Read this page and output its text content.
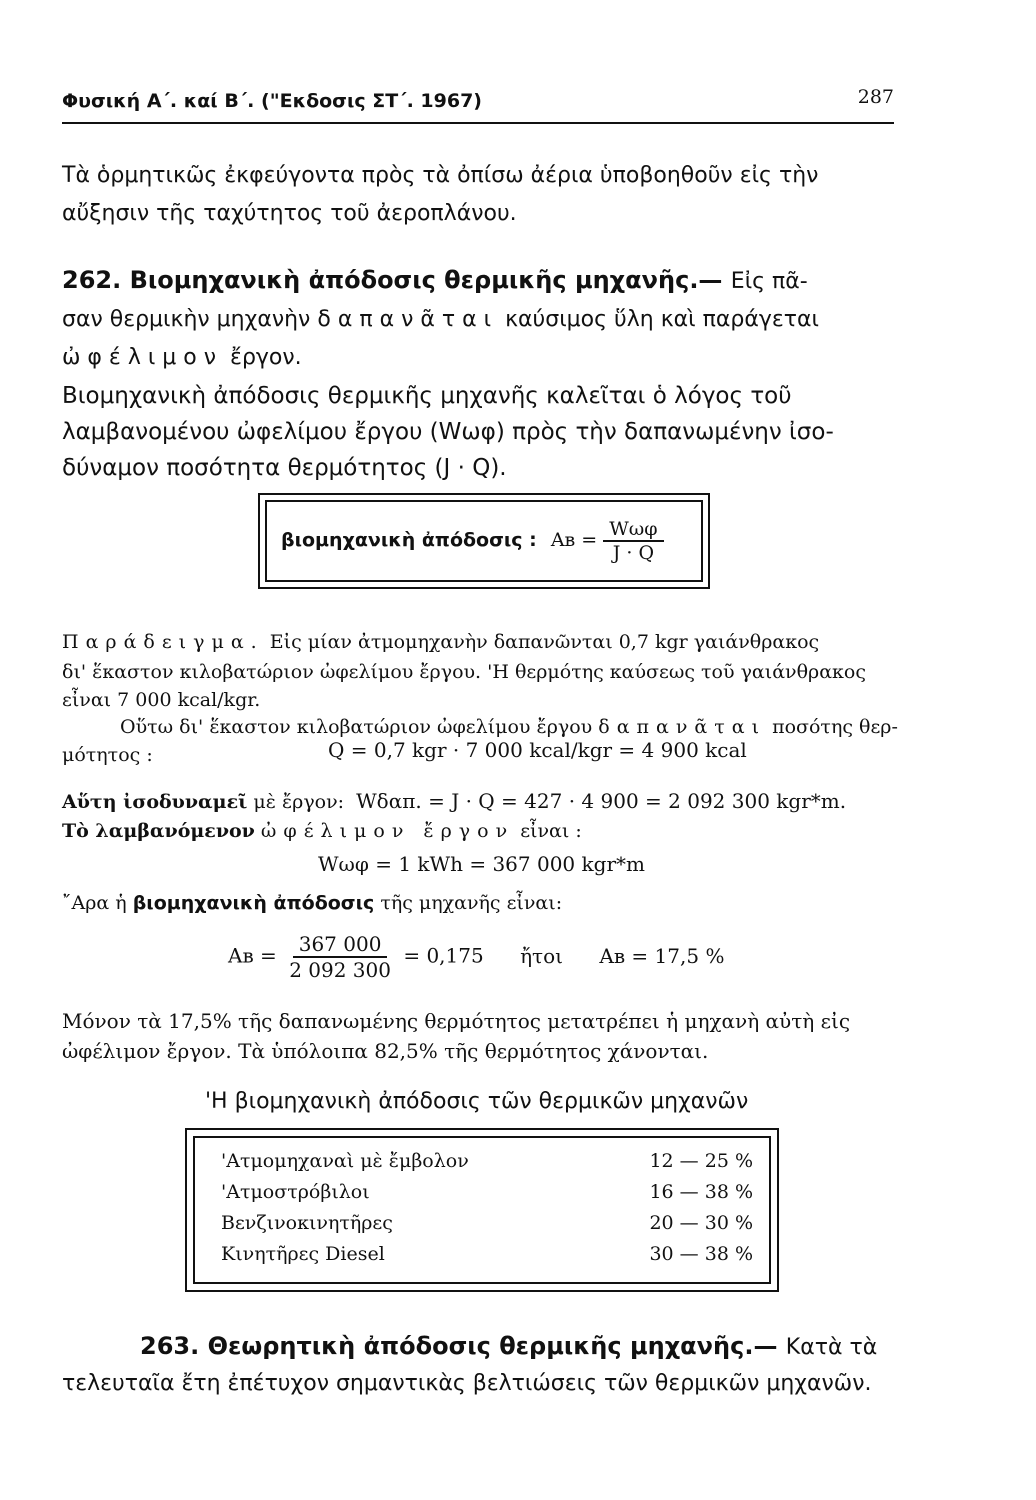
Φυσική Α΄. καί Β΄. ("Εκδοσις ΣΤ΄. 1967)	287

Τὰ ὁρμητικῶς ἐκφεύγοντα πρὸς τὰ ὀπίσω ἀέρια ὑποβοηθοῦν εἰς τὴν

αὔξησιν τῆς ταχύτητος τοῦ ἀεροπλάνου.

262. Βιομηχανικὴ ἀπόδοσις θερμικῆς μηχανῆς.— Εἰς πᾶ-

σαν θερμικὴν μηχανὴν δαπανᾶται καύσιμος ὕλη καὶ παράγεται

ὠφέλιμον ἔργον.

Βιομηχανικὴ ἀπόδοσις θερμικῆς μηχανῆς καλεῖται ὁ λόγος τοῦ

λαμβανομένου ὠφελίμου ἔργου (Wωφ) πρὸς τὴν δαπανωμένην ἰσο-

δύναμον ποσότητα θερμότητος (J · Q).

βιομηχανικὴ ἀπόδοσις : Aв = $\frac{\text{Wωφ}}{J \cdot Q}$

Παράδειγμα. Εἰς μίαν ἀτμομηχανὴν δαπανῶνται 0,7 kgr γαιάνθρακος

δι' ἕκαστον κιλοβατώριον ὠφελίμου ἔργου. 'Η θερμότης καύσεως τοῦ γαιάνθρακος

εἶναι 7 000 kcal/kgr.

Οὕτω δι' ἕκαστον κιλοβατώριον ὠφελίμου ἔργου δαπανᾶται ποσότης θερ-

μότητος :	Q = 0,7 kgr · 7 000 kcal/kgr = 4 900 kcal

Αὕτη ἰσοδυναμεῖ μὲ ἔργον: Wδαπ. = J · Q = 427 · 4 900 = 2 092 300 kgr*m.

Τὸ λαμβανόμενον ὠφέλιμον ἔργον εἶναι :

Wωφ = 1 kWh = 367 000 kgr*m

῎Αρα ἡ βιομηχανικὴ ἀπόδοσις τῆς μηχανῆς εἶναι:

Aв = $\frac{367 000}{2 092 300} = 0,175$ ἤτοι Aв = 17,5 %

Μόνον τὰ 17,5% τῆς δαπανωμένης θερμότητος μετατρέπει ἡ μηχανὴ αὐτὴ εἰς

ὠφέλιμον ἔργον. Τὰ ὑπόλοιπα 82,5% τῆς θερμότητος χάνονται.

'Η βιομηχανικὴ ἀπόδοσις τῶν θερμικῶν μηχανῶν

'Ατμομηχαναὶ μὲ ἔμβολον	12 — 25 %
'Ατμοστρόβιλοι	16 — 38 %
Βενζινοκινητῆρες	20 — 30 %
Κινητῆρες Diesel	30 — 38 %

263. Θεωρητικὴ ἀπόδοσις θερμικῆς μηχανῆς.— Κατὰ τὰ

τελευταῖα ἔτη ἐπέτυχον σημαντικὰς βελτιώσεις τῶν θερμικῶν μηχανῶν.
